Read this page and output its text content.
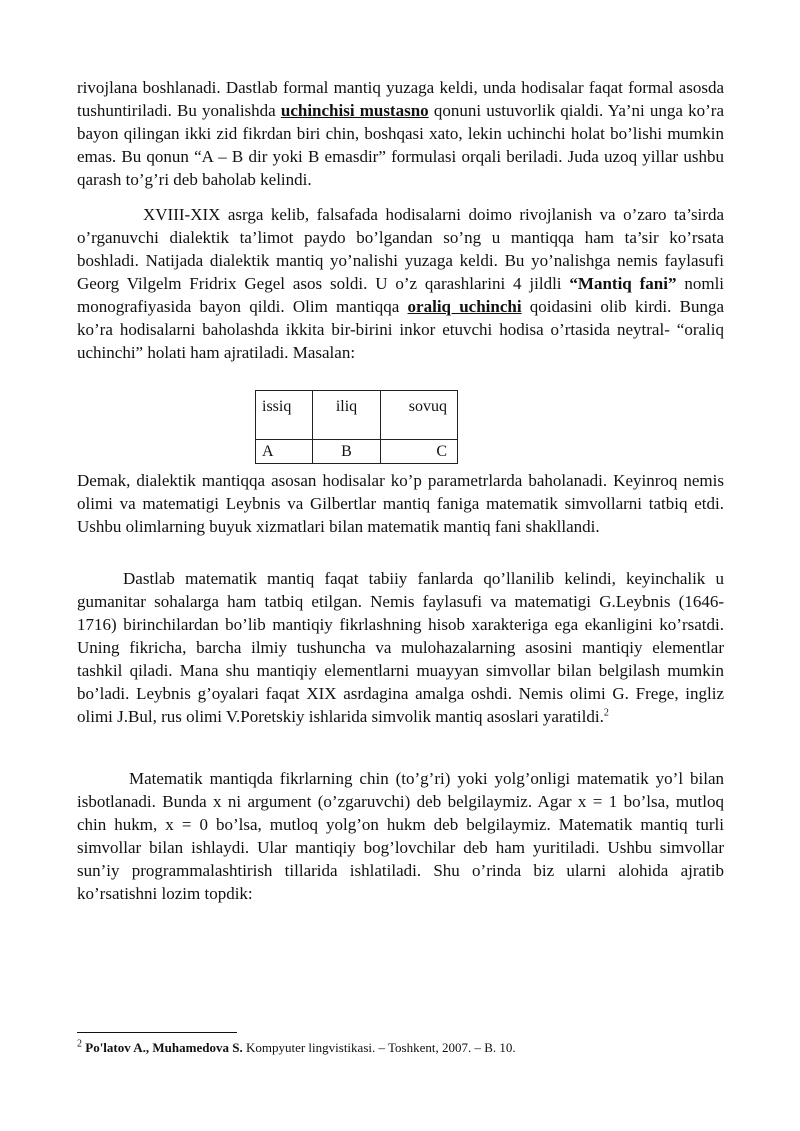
rivojlana boshlanadi. Dastlab formal mantiq yuzaga keldi, unda hodisalar faqat formal asosda tushuntiriladi. Bu yonalishda uchinchisi mustasno qonuni ustuvorlik qialdi. Ya’ni unga ko’ra bayon qilingan ikki zid fikrdan biri chin, boshqasi xato, lekin uchinchi holat bo’lishi mumkin emas. Bu qonun “A – B dir yoki B emasdir” formulasi orqali beriladi. Juda uzoq yillar ushbu qarash to’g’ri deb baholab kelindi.

XVIII-XIX asrga kelib, falsafada hodisalarni doimo rivojlanish va o’zaro ta’sirda o’rganuvchi dialektik ta’limot paydo bo’lgandan so’ng u mantiqqa ham ta’sir ko’rsata boshladi. Natijada dialektik mantiq yo’nalishi yuzaga keldi. Bu yo’nalishga nemis faylasufi Georg Vilgelm Fridrix Gegel asos soldi. U o’z qarashlarini 4 jildli “Mantiq fani” nomli monografiyasida bayon qildi. Olim mantiqqa oraliq uchinchi qoidasini olib kirdi. Bunga ko’ra hodisalarni baholashda ikkita bir-birini inkor etuvchi hodisa o’rtasida neytral- “oraliq uchinchi” holati ham ajratiladi. Masalan:

issiq	iliq	sovuq
A	B	C

Demak, dialektik mantiqqa asosan hodisalar ko’p parametrlarda baholanadi. Keyinroq nemis olimi va matematigi Leybnis va Gilbertlar mantiq faniga matematik simvollarni tatbiq etdi. Ushbu olimlarning buyuk xizmatlari bilan matematik mantiq fani shakllandi.

Dastlab matematik mantiq faqat tabiiy fanlarda qo’llanilib kelindi, keyinchalik u gumanitar sohalarga ham tatbiq etilgan. Nemis faylasufi va matematigi G.Leybnis (1646-1716) birinchilardan bo’lib mantiqiy fikrlashning hisob xarakteriga ega ekanligini ko’rsatdi. Uning fikricha, barcha ilmiy tushuncha va mulohazalarning asosini mantiqiy elementlar tashkil qiladi. Mana shu mantiqiy elementlarni muayyan simvollar bilan belgilash mumkin bo’ladi. Leybnis g’oyalari faqat XIX asrdagina amalga oshdi. Nemis olimi G. Frege, ingliz olimi J.Bul, rus olimi V.Poretskiy ishlarida simvolik mantiq asoslari yaratildi.$^2$

Matematik mantiqda fikrlarning chin (to’g’ri) yoki yolg’onligi matematik yo’l bilan isbotlanadi. Bunda x ni argument (o’zgaruvchi) deb belgilaymiz. Agar x = 1 bo’lsa, mutloq chin hukm, x = 0 bo’lsa, mutloq yolg’on hukm deb belgilaymiz. Matematik mantiq turli simvollar bilan ishlaydi. Ular mantiqiy bog’lovchilar deb ham yuritiladi. Ushbu simvollar sun’iy programmalashtirish tillarida ishlatiladi. Shu o’rinda biz ularni alohida ajratib ko’rsatishni lozim topdik:

$^2$ Po'latov A., Muhamedova S. Kompyuter lingvistikasi. – Toshkent, 2007. – B. 10.
